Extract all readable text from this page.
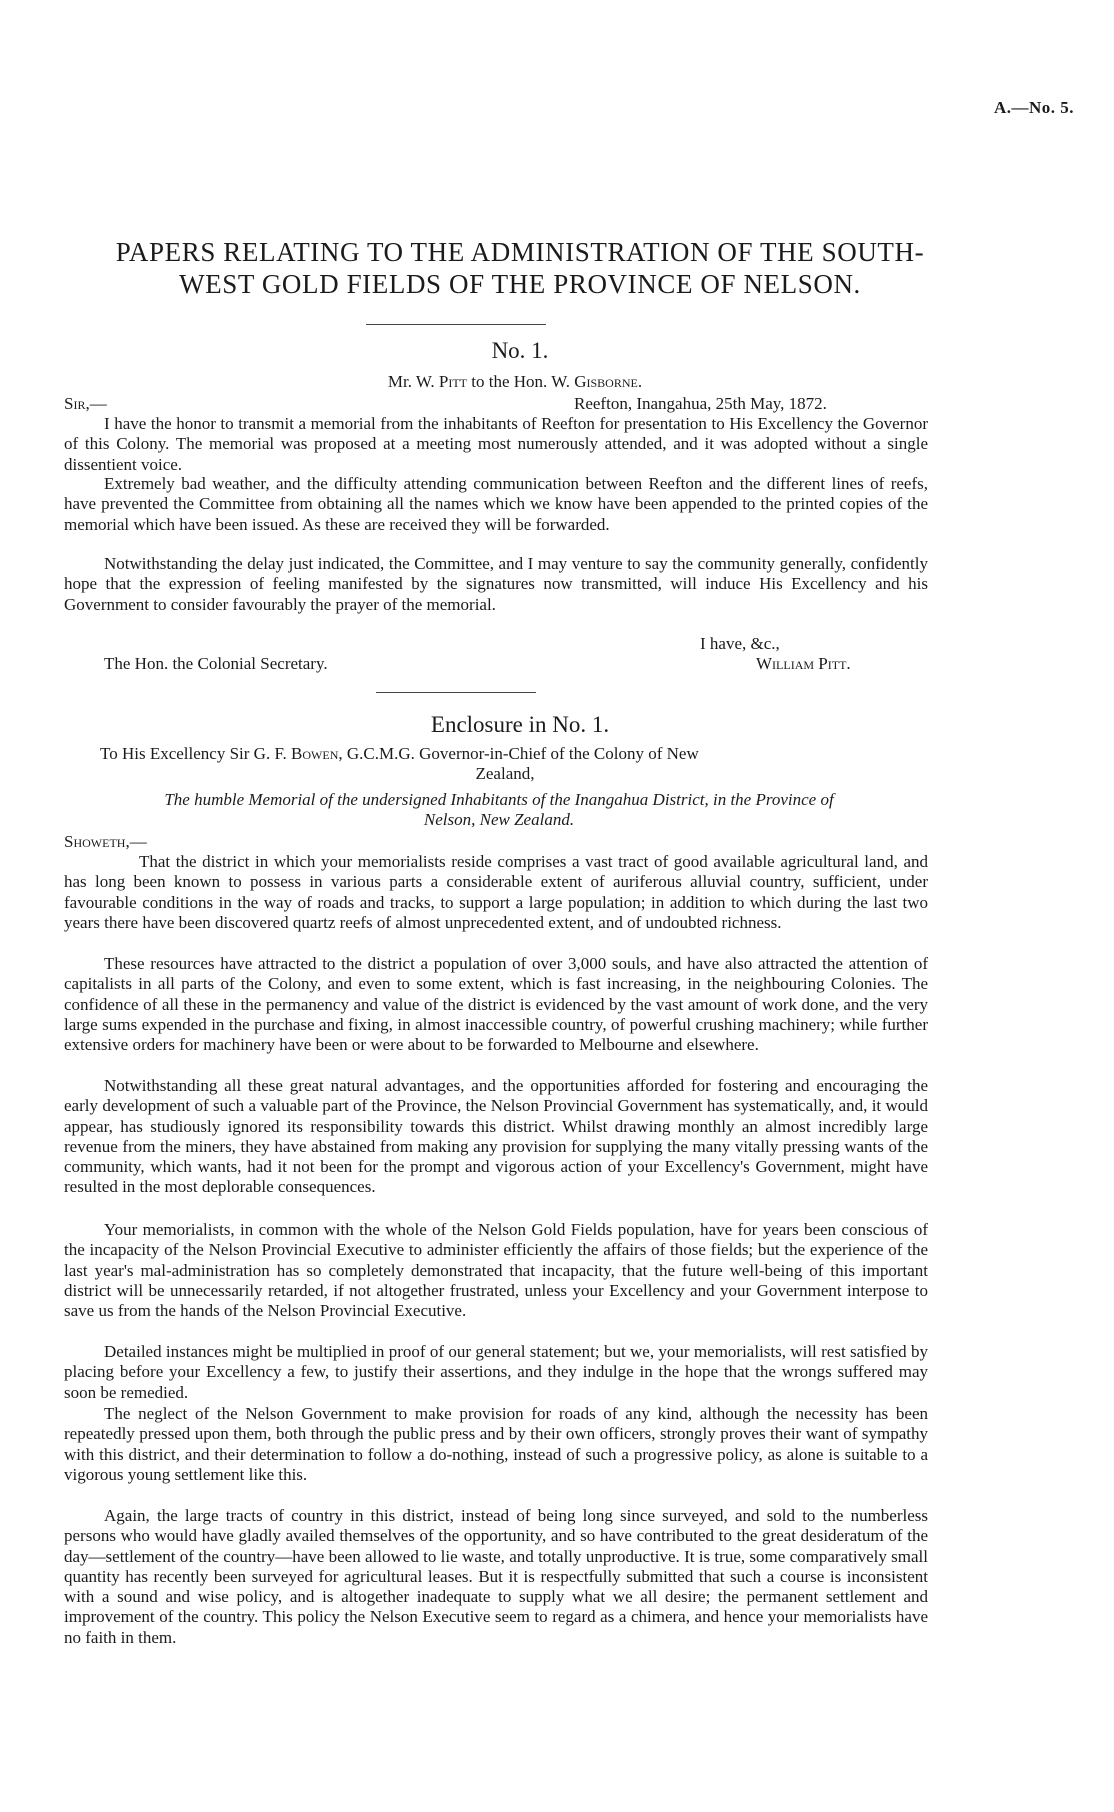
A.—No. 5.
PAPERS RELATING TO THE ADMINISTRATION OF THE SOUTH-
WEST GOLD FIELDS OF THE PROVINCE OF NELSON.
No. 1.
Mr. W. Pitt to the Hon. W. Gisborne.
Sir,—	Reefton, Inangahua, 25th May, 1872.

I have the honor to transmit a memorial from the inhabitants of Reefton for presentation to His Excellency the Governor of this Colony. The memorial was proposed at a meeting most numerously attended, and it was adopted without a single dissentient voice.

Extremely bad weather, and the difficulty attending communication between Reefton and the different lines of reefs, have prevented the Committee from obtaining all the names which we know have been appended to the printed copies of the memorial which have been issued. As these are received they will be forwarded.

Notwithstanding the delay just indicated, the Committee, and I may venture to say the community generally, confidently hope that the expression of feeling manifested by the signatures now transmitted, will induce His Excellency and his Government to consider favourably the prayer of the memorial.

I have, &c.,
The Hon. the Colonial Secretary.	William Pitt.
Enclosure in No. 1.
To His Excellency Sir G. F. Bowen, G.C.M.G. Governor-in-Chief of the Colony of New
Zealand,
The humble Memorial of the undersigned Inhabitants of the Inangahua District, in the Province of
Nelson, New Zealand.
Showeth,—

That the district in which your memorialists reside comprises a vast tract of good available agricultural land, and has long been known to possess in various parts a considerable extent of auriferous alluvial country, sufficient, under favourable conditions in the way of roads and tracks, to support a large population; in addition to which during the last two years there have been discovered quartz reefs of almost unprecedented extent, and of undoubted richness.

These resources have attracted to the district a population of over 3,000 souls, and have also attracted the attention of capitalists in all parts of the Colony, and even to some extent, which is fast increasing, in the neighbouring Colonies. The confidence of all these in the permanency and value of the district is evidenced by the vast amount of work done, and the very large sums expended in the purchase and fixing, in almost inaccessible country, of powerful crushing machinery; while further extensive orders for machinery have been or were about to be forwarded to Melbourne and elsewhere.

Notwithstanding all these great natural advantages, and the opportunities afforded for fostering and encouraging the early development of such a valuable part of the Province, the Nelson Provincial Government has systematically, and, it would appear, has studiously ignored its responsibility towards this district. Whilst drawing monthly an almost incredibly large revenue from the miners, they have abstained from making any provision for supplying the many vitally pressing wants of the community, which wants, had it not been for the prompt and vigorous action of your Excellency's Government, might have resulted in the most deplorable consequences.

Your memorialists, in common with the whole of the Nelson Gold Fields population, have for years been conscious of the incapacity of the Nelson Provincial Executive to administer efficiently the affairs of those fields; but the experience of the last year's mal-administration has so completely demonstrated that incapacity, that the future well-being of this important district will be unnecessarily retarded, if not altogether frustrated, unless your Excellency and your Government interpose to save us from the hands of the Nelson Provincial Executive.

Detailed instances might be multiplied in proof of our general statement; but we, your memorialists, will rest satisfied by placing before your Excellency a few, to justify their assertions, and they indulge in the hope that the wrongs suffered may soon be remedied.

The neglect of the Nelson Government to make provision for roads of any kind, although the necessity has been repeatedly pressed upon them, both through the public press and by their own officers, strongly proves their want of sympathy with this district, and their determination to follow a do-nothing, instead of such a progressive policy, as alone is suitable to a vigorous young settlement like this.

Again, the large tracts of country in this district, instead of being long since surveyed, and sold to the numberless persons who would have gladly availed themselves of the opportunity, and so have contributed to the great desideratum of the day—settlement of the country—have been allowed to lie waste, and totally unproductive. It is true, some comparatively small quantity has recently been surveyed for agricultural leases. But it is respectfully submitted that such a course is inconsistent with a sound and wise policy, and is altogether inadequate to supply what we all desire; the permanent settlement and improvement of the country. This policy the Nelson Executive seem to regard as a chimera, and hence your memorialists have no faith in them.
